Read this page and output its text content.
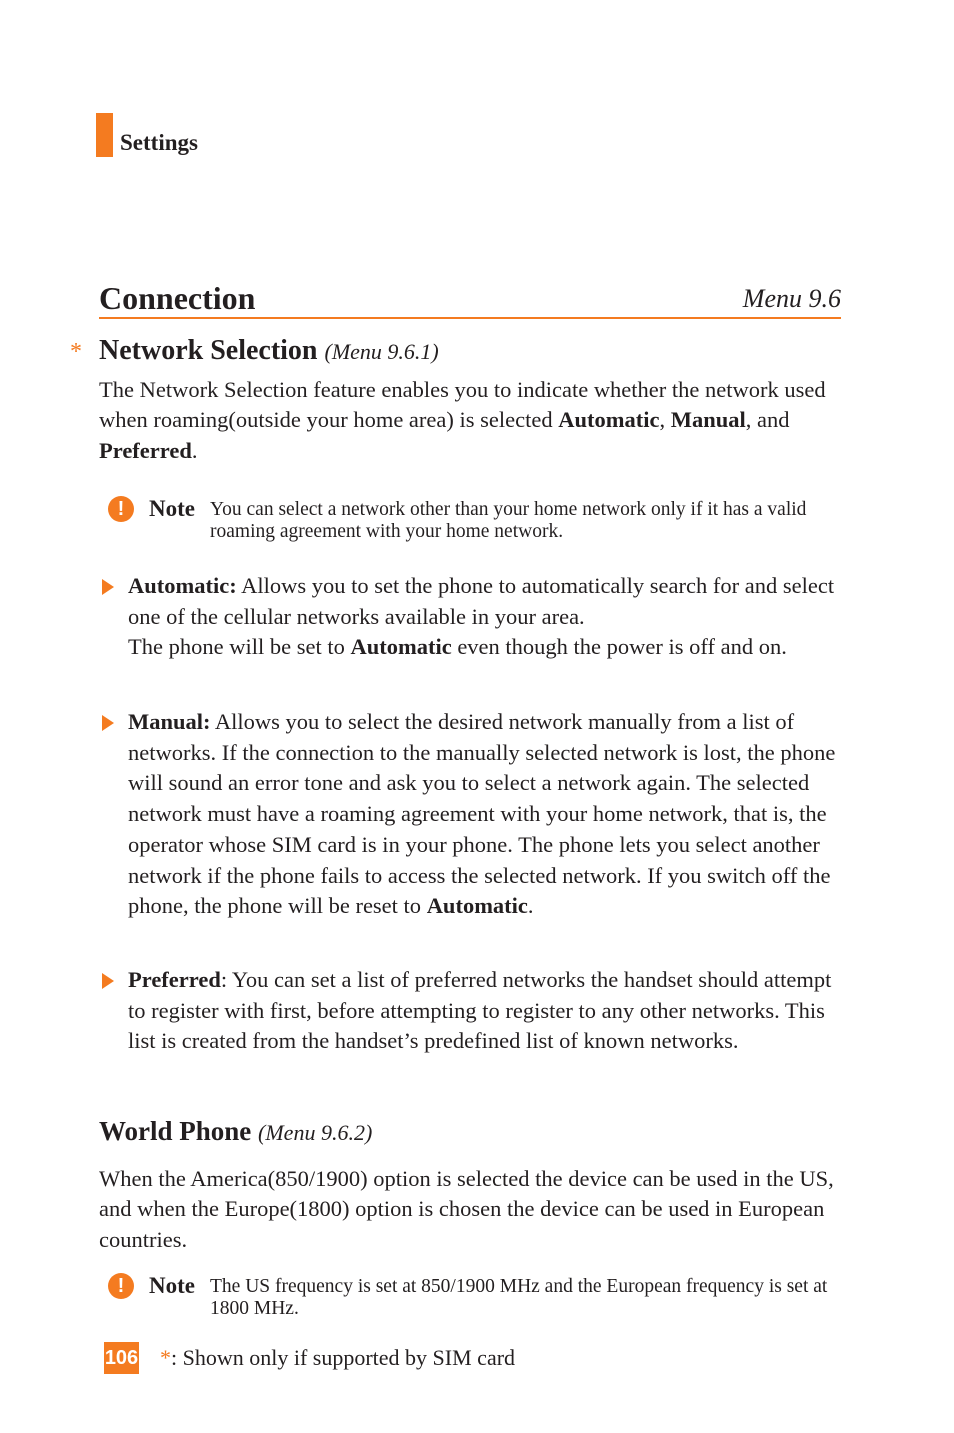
Settings
Connection	Menu 9.6
* Network Selection (Menu 9.6.1)
The Network Selection feature enables you to indicate whether the network used when roaming(outside your home area) is selected Automatic, Manual, and Preferred.
!	Note You can select a network other than your home network only if it has a valid roaming agreement with your home network.
Automatic: Allows you to set the phone to automatically search for and select one of the cellular networks available in your area.
The phone will be set to Automatic even though the power is off and on.
Manual: Allows you to select the desired network manually from a list of networks. If the connection to the manually selected network is lost, the phone will sound an error tone and ask you to select a network again. The selected network must have a roaming agreement with your home network, that is, the operator whose SIM card is in your phone. The phone lets you select another network if the phone fails to access the selected network. If you switch off the phone, the phone will be reset to Automatic.
Preferred: You can set a list of preferred networks the handset should attempt to register with first, before attempting to register to any other networks. This list is created from the handset’s predefined list of known networks.
World Phone (Menu 9.6.2)
When the America(850/1900) option is selected the device can be used in the US, and when the Europe(1800) option is chosen the device can be used in European countries.
!	Note The US frequency is set at 850/1900 MHz and the European frequency is set at 1800 MHz.
106 *: Shown only if supported by SIM card
